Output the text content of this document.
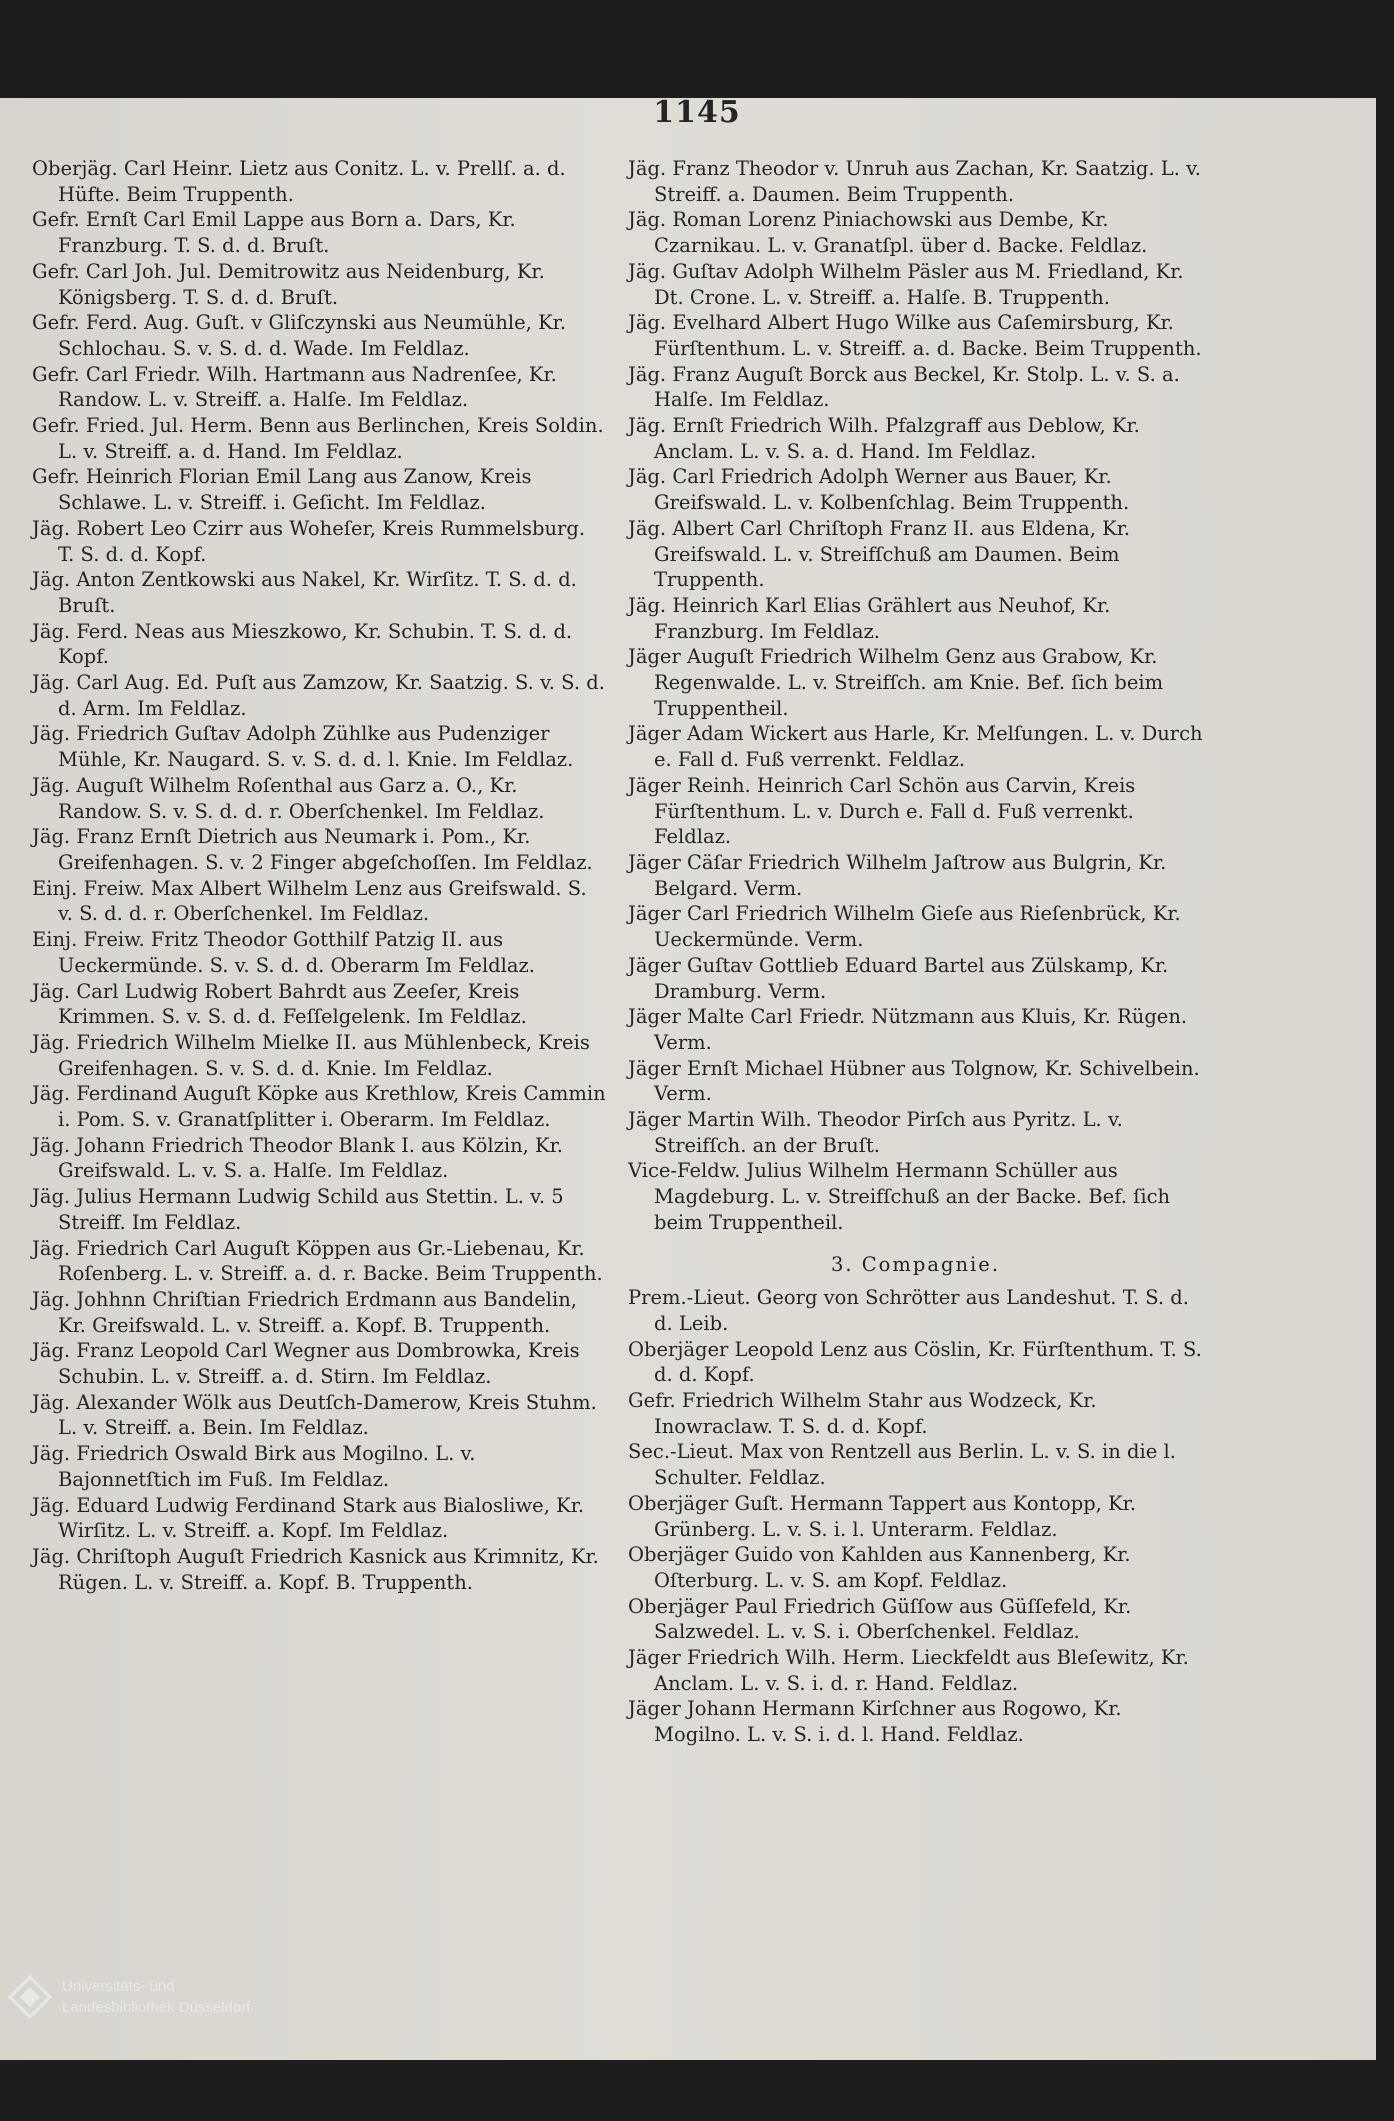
1145

Oberjäg. Carl Heinr. Lietz aus Conitz. L. v. Prellſ. a. d. Hüfte. Beim Truppenth.

Gefr. Ernſt Carl Emil Lappe aus Born a. Dars, Kr. Franzburg. T. S. d. d. Bruſt.

Gefr. Carl Joh. Jul. Demitrowitz aus Neidenburg, Kr. Königsberg. T. S. d. d. Bruſt.

Gefr. Ferd. Aug. Guſt. v Gliſczynski aus Neumühle, Kr. Schlochau. S. v. S. d. d. Wade. Im Feldlaz.

Gefr. Carl Friedr. Wilh. Hartmann aus Nadrenſee, Kr. Randow. L. v. Streiff. a. Halſe. Im Feldlaz.

Gefr. Fried. Jul. Herm. Benn aus Berlinchen, Kreis Soldin. L. v. Streiff. a. d. Hand. Im Feldlaz.

Gefr. Heinrich Florian Emil Lang aus Zanow, Kreis Schlawe. L. v. Streiff. i. Geſicht. Im Feldlaz.

Jäg. Robert Leo Czirr aus Woheſer, Kreis Rummelsburg. T. S. d. d. Kopf.

Jäg. Anton Zentkowski aus Nakel, Kr. Wirſitz. T. S. d. d. Bruſt.

Jäg. Ferd. Neas aus Mieszkowo, Kr. Schubin. T. S. d. d. Kopf.

Jäg. Carl Aug. Ed. Puſt aus Zamzow, Kr. Saatzig. S. v. S. d. d. Arm. Im Feldlaz.

Jäg. Friedrich Guſtav Adolph Zühlke aus Pudenziger Mühle, Kr. Naugard. S. v. S. d. d. l. Knie. Im Feldlaz.

Jäg. Auguſt Wilhelm Roſenthal aus Garz a. O., Kr. Randow. S. v. S. d. d. r. Oberſchenkel. Im Feldlaz.

Jäg. Franz Ernſt Dietrich aus Neumark i. Pom., Kr. Greifenhagen. S. v. 2 Finger abgeſchoſſen. Im Feldlaz.

Einj. Freiw. Max Albert Wilhelm Lenz aus Greifswald. S. v. S. d. d. r. Oberſchenkel. Im Feldlaz.

Einj. Freiw. Fritz Theodor Gotthilf Patzig II. aus Ueckermünde. S. v. S. d. d. Oberarm Im Feldlaz.

Jäg. Carl Ludwig Robert Bahrdt aus Zeeſer, Kreis Krimmen. S. v. S. d. d. Feſſelgelenk. Im Feldlaz.

Jäg. Friedrich Wilhelm Mielke II. aus Mühlenbeck, Kreis Greifenhagen. S. v. S. d. d. Knie. Im Feldlaz.

Jäg. Ferdinand Auguſt Köpke aus Krethlow, Kreis Cammin i. Pom. S. v. Granatſplitter i. Oberarm. Im Feldlaz.

Jäg. Johann Friedrich Theodor Blank I. aus Kölzin, Kr. Greifswald. L. v. S. a. Halſe. Im Feldlaz.

Jäg. Julius Hermann Ludwig Schild aus Stettin. L. v. 5 Streiff. Im Feldlaz.

Jäg. Friedrich Carl Auguſt Köppen aus Gr.-Liebenau, Kr. Roſenberg. L. v. Streiff. a. d. r. Backe. Beim Truppenth.

Jäg. Johhnn Chriſtian Friedrich Erdmann aus Bandelin, Kr. Greifswald. L. v. Streiff. a. Kopf. B. Truppenth.

Jäg. Franz Leopold Carl Wegner aus Dombrowka, Kreis Schubin. L. v. Streiff. a. d. Stirn. Im Feldlaz.

Jäg. Alexander Wölk aus Deutſch-Damerow, Kreis Stuhm. L. v. Streiff. a. Bein. Im Feldlaz.

Jäg. Friedrich Oswald Birk aus Mogilno. L. v. Bajonnetſtich im Fuß. Im Feldlaz.

Jäg. Eduard Ludwig Ferdinand Stark aus Bialosliwe, Kr. Wirſitz. L. v. Streiff. a. Kopf. Im Feldlaz.

Jäg. Chriſtoph Auguſt Friedrich Kasnick aus Krimnitz, Kr. Rügen. L. v. Streiff. a. Kopf. B. Truppenth.

Jäg. Franz Theodor v. Unruh aus Zachan, Kr. Saatzig. L. v. Streiff. a. Daumen. Beim Truppenth.

Jäg. Roman Lorenz Piniachowski aus Dembe, Kr. Czarnikau. L. v. Granatſpl. über d. Backe. Feldlaz.

Jäg. Guſtav Adolph Wilhelm Päsler aus M. Friedland, Kr. Dt. Crone. L. v. Streiff. a. Halſe. B. Truppenth.

Jäg. Evelhard Albert Hugo Wilke aus Caſemirsburg, Kr. Fürſtenthum. L. v. Streiff. a. d. Backe. Beim Truppenth.

Jäg. Franz Auguſt Borck aus Beckel, Kr. Stolp. L. v. S. a. Halſe. Im Feldlaz.

Jäg. Ernſt Friedrich Wilh. Pfalzgraff aus Deblow, Kr. Anclam. L. v. S. a. d. Hand. Im Feldlaz.

Jäg. Carl Friedrich Adolph Werner aus Bauer, Kr. Greifswald. L. v. Kolbenſchlag. Beim Truppenth.

Jäg. Albert Carl Chriſtoph Franz II. aus Eldena, Kr. Greifswald. L. v. Streifſchuß am Daumen. Beim Truppenth.

Jäg. Heinrich Karl Elias Grählert aus Neuhof, Kr. Franzburg. Im Feldlaz.

Jäger Auguſt Friedrich Wilhelm Genz aus Grabow, Kr. Regenwalde. L. v. Streifſch. am Knie. Bef. ſich beim Truppentheil.

Jäger Adam Wickert aus Harle, Kr. Melſungen. L. v. Durch e. Fall d. Fuß verrenkt. Feldlaz.

Jäger Reinh. Heinrich Carl Schön aus Carvin, Kreis Fürſtenthum. L. v. Durch e. Fall d. Fuß verrenkt. Feldlaz.

Jäger Cäſar Friedrich Wilhelm Jaſtrow aus Bulgrin, Kr. Belgard. Verm.

Jäger Carl Friedrich Wilhelm Gieſe aus Rieſenbrück, Kr. Ueckermünde. Verm.

Jäger Guſtav Gottlieb Eduard Bartel aus Zülskamp, Kr. Dramburg. Verm.

Jäger Malte Carl Friedr. Nützmann aus Kluis, Kr. Rügen. Verm.

Jäger Ernſt Michael Hübner aus Tolgnow, Kr. Schivelbein. Verm.

Jäger Martin Wilh. Theodor Pirſch aus Pyritz. L. v. Streifſch. an der Bruſt.

Vice-Feldw. Julius Wilhelm Hermann Schüller aus Magdeburg. L. v. Streifſchuß an der Backe. Bef. ſich beim Truppentheil.

3. Compagnie.

Prem.-Lieut. Georg von Schrötter aus Landeshut. T. S. d. d. Leib.

Oberjäger Leopold Lenz aus Cöslin, Kr. Fürſtenthum. T. S. d. d. Kopf.

Gefr. Friedrich Wilhelm Stahr aus Wodzeck, Kr. Inowraclaw. T. S. d. d. Kopf.

Sec.-Lieut. Max von Rentzell aus Berlin. L. v. S. in die l. Schulter. Feldlaz.

Oberjäger Guſt. Hermann Tappert aus Kontopp, Kr. Grünberg. L. v. S. i. l. Unterarm. Feldlaz.

Oberjäger Guido von Kahlden aus Kannenberg, Kr. Oſterburg. L. v. S. am Kopf. Feldlaz.

Oberjäger Paul Friedrich Güſſow aus Güſſefeld, Kr. Salzwedel. L. v. S. i. Oberſchenkel. Feldlaz.

Jäger Friedrich Wilh. Herm. Lieckfeldt aus Bleſewitz, Kr. Anclam. L. v. S. i. d. r. Hand. Feldlaz.

Jäger Johann Hermann Kirſchner aus Rogowo, Kr. Mogilno. L. v. S. i. d. l. Hand. Feldlaz.

Universitäts- und
Landesbibliothek Düsseldorf
